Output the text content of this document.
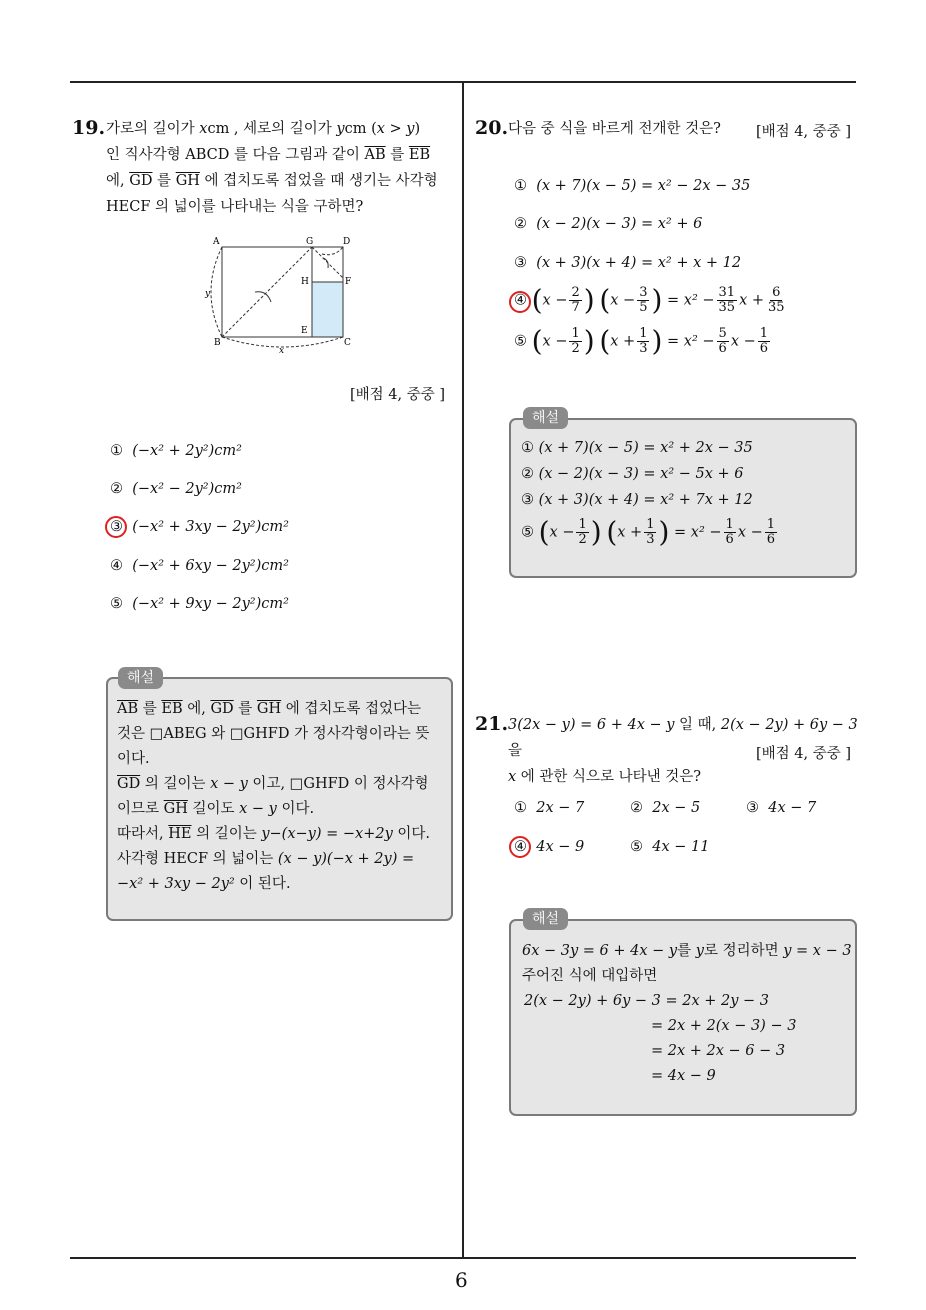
6
19. 가로의 길이가 xcm , 세로의 길이가 ycm (x > y)
인 직사각형 ABCD 를 다음 그림과 같이 $\overline{AB}$ 를 $\overline{EB}$
에, $\overline{GD}$ 를 $\overline{GH}$ 에 겹치도록 접었을 때 생기는 사각형
HECF 의 넓이를 나타내는 식을 구하면?
A	G	D
H	F
E
B	C
x
y
[배점 4, 중중 ]
① (−x² + 2y²)cm²
② (−x² − 2y²)cm²
③ (−x² + 3xy − 2y²)cm²
④ (−x² + 6xy − 2y²)cm²
⑤ (−x² + 9xy − 2y²)cm²
해설
$\overline{AB}$ 를 $\overline{EB}$ 에, $\overline{GD}$ 를 $\overline{GH}$ 에 겹치도록 접었다는
것은 □ABEG 와 □GHFD 가 정사각형이라는 뜻
이다.
$\overline{GD}$ 의 길이는 x − y 이고, □GHFD 이 정사각형
이므로 $\overline{GH}$ 길이도 x − y 이다.
따라서, $\overline{HE}$ 의 길이는 y−(x−y) = −x+2y 이다.
사각형 HECF 의 넓이는 (x − y)(−x + 2y) =
−x² + 3xy − 2y² 이 된다.
20. 다음 중 식을 바르게 전개한 것은? [배점 4, 중중 ]
① (x + 7)(x − 5) = x² − 2x − 35
② (x − 2)(x − 3) = x² + 6
③ (x + 3)(x + 4) = x² + x + 12
④ ($x - \frac{2}{7}$ ) ($x - \frac{3}{5}$ ) = $x^2 - \frac{31}{35}$ $x + \frac{6}{35}$
⑤ ($x - \frac{1}{2}$ ) ($x + \frac{1}{3}$ ) = $x^2 - \frac{5}{6}$ $x - \frac{1}{6}$
해설
① (x + 7)(x − 5) = x² + 2x − 35
② (x − 2)(x − 3) = x² − 5x + 6
③ (x + 3)(x + 4) = x² + 7x + 12
⑤ ($x - \frac{1}{2}$ ) ($x + \frac{1}{3}$ ) = $x^2 - \frac{1}{6}$ $x - \frac{1}{6}$
21. 3(2x − y) = 6 + 4x − y 일 때, 2(x − 2y) + 6y − 3 을
x 에 관한 식으로 나타낸 것은?
[배점 4, 중중 ]
① 2x − 7	② 2x − 5	③ 4x − 7
④ 4x − 9	⑤ 4x − 11
해설
6x − 3y = 6 + 4x − y를 y로 정리하면 y = x − 3
주어진 식에 대입하면
2(x − 2y) + 6y − 3 = 2x + 2y − 3
= 2x + 2(x − 3) − 3
= 2x + 2x − 6 − 3
= 4x − 9
